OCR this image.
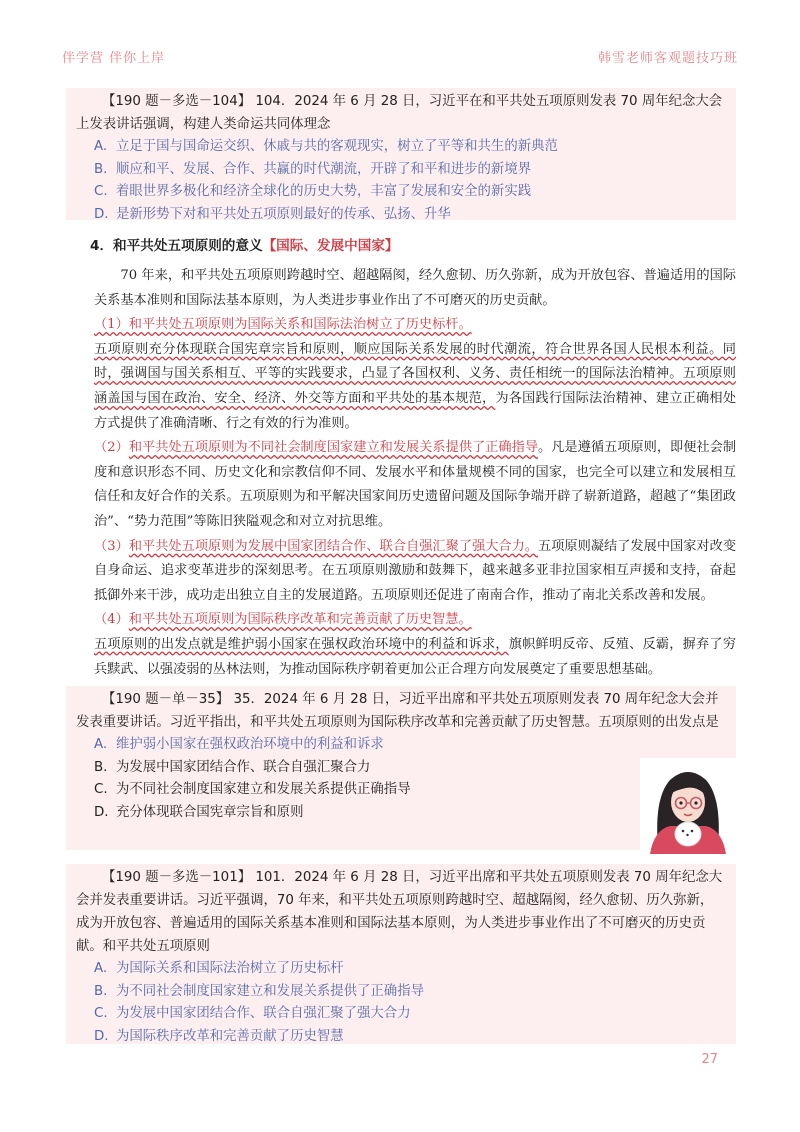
伴学营 伴你上岸	韩雪老师客观题技巧班
【190 题－多选－104】 104．2024 年 6 月 28 日，习近平在和平共处五项原则发表 70 周年纪念大会上发表讲话强调，构建人类命运共同体理念
A. 立足于国与国命运交织、休戚与共的客观现实，树立了平等和共生的新典范
B. 顺应和平、发展、合作、共赢的时代潮流，开辟了和平和进步的新境界
C. 着眼世界多极化和经济全球化的历史大势，丰富了发展和安全的新实践
D. 是新形势下对和平共处五项原则最好的传承、弘扬、升华
4．和平共处五项原则的意义【国际、发展中国家】

70 年来，和平共处五项原则跨越时空、超越隔阂，经久愈韧、历久弥新，成为开放包容、普遍适用的国际关系基本准则和国际法基本原则，为人类进步事业作出了不可磨灭的历史贡献。

（1）和平共处五项原则为国际关系和国际法治树立了历史标杆。

五项原则充分体现联合国宪章宗旨和原则，顺应国际关系发展的时代潮流，符合世界各国人民根本利益。同时，强调国与国关系相互、平等的实践要求，凸显了各国权利、义务、责任相统一的国际法治精神。五项原则涵盖国与国在政治、安全、经济、外交等方面和平共处的基本规范，为各国践行国际法治精神、建立正确相处方式提供了准确清晰、行之有效的行为准则。

（2）和平共处五项原则为不同社会制度国家建立和发展关系提供了正确指导。凡是遵循五项原则，即便社会制度和意识形态不同、历史文化和宗教信仰不同、发展水平和体量规模不同的国家，也完全可以建立和发展相互信任和友好合作的关系。五项原则为和平解决国家间历史遗留问题及国际争端开辟了崭新道路，超越了“集团政治”、“势力范围”等陈旧狭隘观念和对立对抗思维。

（3）和平共处五项原则为发展中国家团结合作、联合自强汇聚了强大合力。五项原则凝结了发展中国家对改变自身命运、追求变革进步的深刻思考。在五项原则激励和鼓舞下，越来越多亚非拉国家相互声援和支持，奋起抵御外来干涉，成功走出独立自主的发展道路。五项原则还促进了南南合作，推动了南北关系改善和发展。

（4）和平共处五项原则为国际秩序改革和完善贡献了历史智慧。

五项原则的出发点就是维护弱小国家在强权政治环境中的利益和诉求，旗帜鲜明反帝、反殖、反霸，摒弃了穷兵黩武、以强凌弱的丛林法则，为推动国际秩序朝着更加公正合理方向发展奠定了重要思想基础。

【190 题－单－35】 35．2024 年 6 月 28 日，习近平出席和平共处五项原则发表 70 周年纪念大会并发表重要讲话。习近平指出，和平共处五项原则为国际秩序改革和完善贡献了历史智慧。五项原则的出发点是
A. 维护弱小国家在强权政治环境中的利益和诉求
B. 为发展中国家团结合作、联合自强汇聚合力
C. 为不同社会制度国家建立和发展关系提供正确指导
D. 充分体现联合国宪章宗旨和原则
【190 题－多选－101】 101．2024 年 6 月 28 日，习近平出席和平共处五项原则发表 70 周年纪念大会并发表重要讲话。习近平强调，70 年来，和平共处五项原则跨越时空、超越隔阂，经久愈韧、历久弥新，成为开放包容、普遍适用的国际关系基本准则和国际法基本原则，为人类进步事业作出了不可磨灭的历史贡献。和平共处五项原则
A. 为国际关系和国际法治树立了历史标杆
B. 为不同社会制度国家建立和发展关系提供了正确指导
C. 为发展中国家团结合作、联合自强汇聚了强大合力
D. 为国际秩序改革和完善贡献了历史智慧
27
